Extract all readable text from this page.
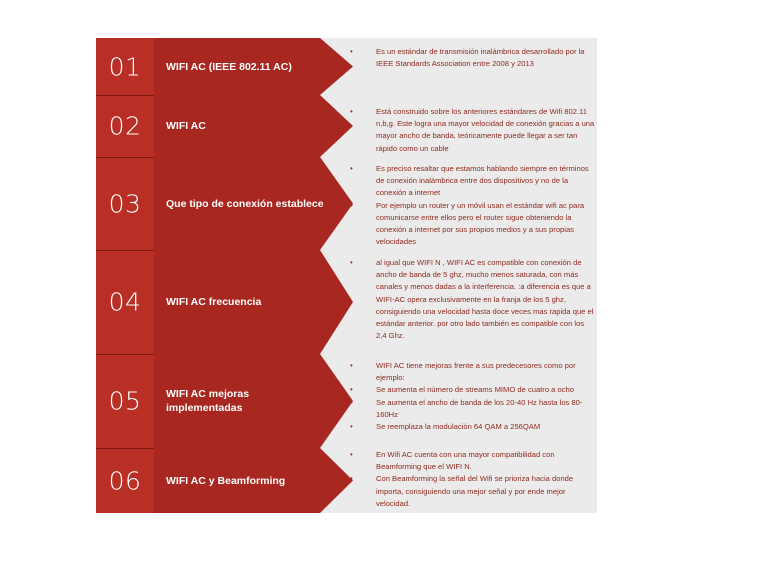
01	WIFI AC (IEEE 802.11 AC)
• Es un estándar de transmisión inalámbrica desarrollado por la IEEE Standards Association entre 2008 y 2013
02	WIFI AC
• Está construido sobre los anteriores estándares de Wifi 802.11 n,b,g. Este logra una mayor velocidad de conexión gracias a una mayor ancho de banda, teóricamente puede llegar a ser tan rápido como un cable
03	Que tipo de conexión establece
• Es preciso resaltar que estamos hablando siempre en términos de conexión inalámbrica entre dos dispositivos y no de la conexión a internet
• Por ejemplo un router y un móvil usan el estándar wifi ac para comunicarse entre ellos pero el router sigue obteniendo la conexión a internet por sus propios medios y a sus propias velocidades
04	WIFI AC frecuencia
• al igual que WIFI N , WIFI AC es compatible con conexión de ancho de banda de 5 ghz, mucho menos saturada, con más canales y menos dadas a la interferencia. :a diferencia es que a WIFI-AC opera exclusivamente en la franja de los 5 ghz, consiguiendo una velocidad hasta doce veces mas rapida que el estándar anterior. por otro lado también es compatible con los 2,4 Ghz.
05	WIFI AC mejoras implementadas
• WIFI AC tiene mejoras frente a sus predecesores como por ejemplo:
• Se aumenta el número de streams MIMO de cuatro a ocho
• Se aumenta el ancho de banda de los 20-40 Hz hasta los 80-160Hz
• Se reemplaza la modulación 64 QAM a 256QAM
06	WIFI AC y Beamforming
• En Wifi AC cuenta con una mayor compatibilidad con Beamforming que el WIFI N.
• Con Beamforming la señal del Wifi se prioriza hacia donde importa, consiguiendo una mejor señal y por ende mejor velocidad.
